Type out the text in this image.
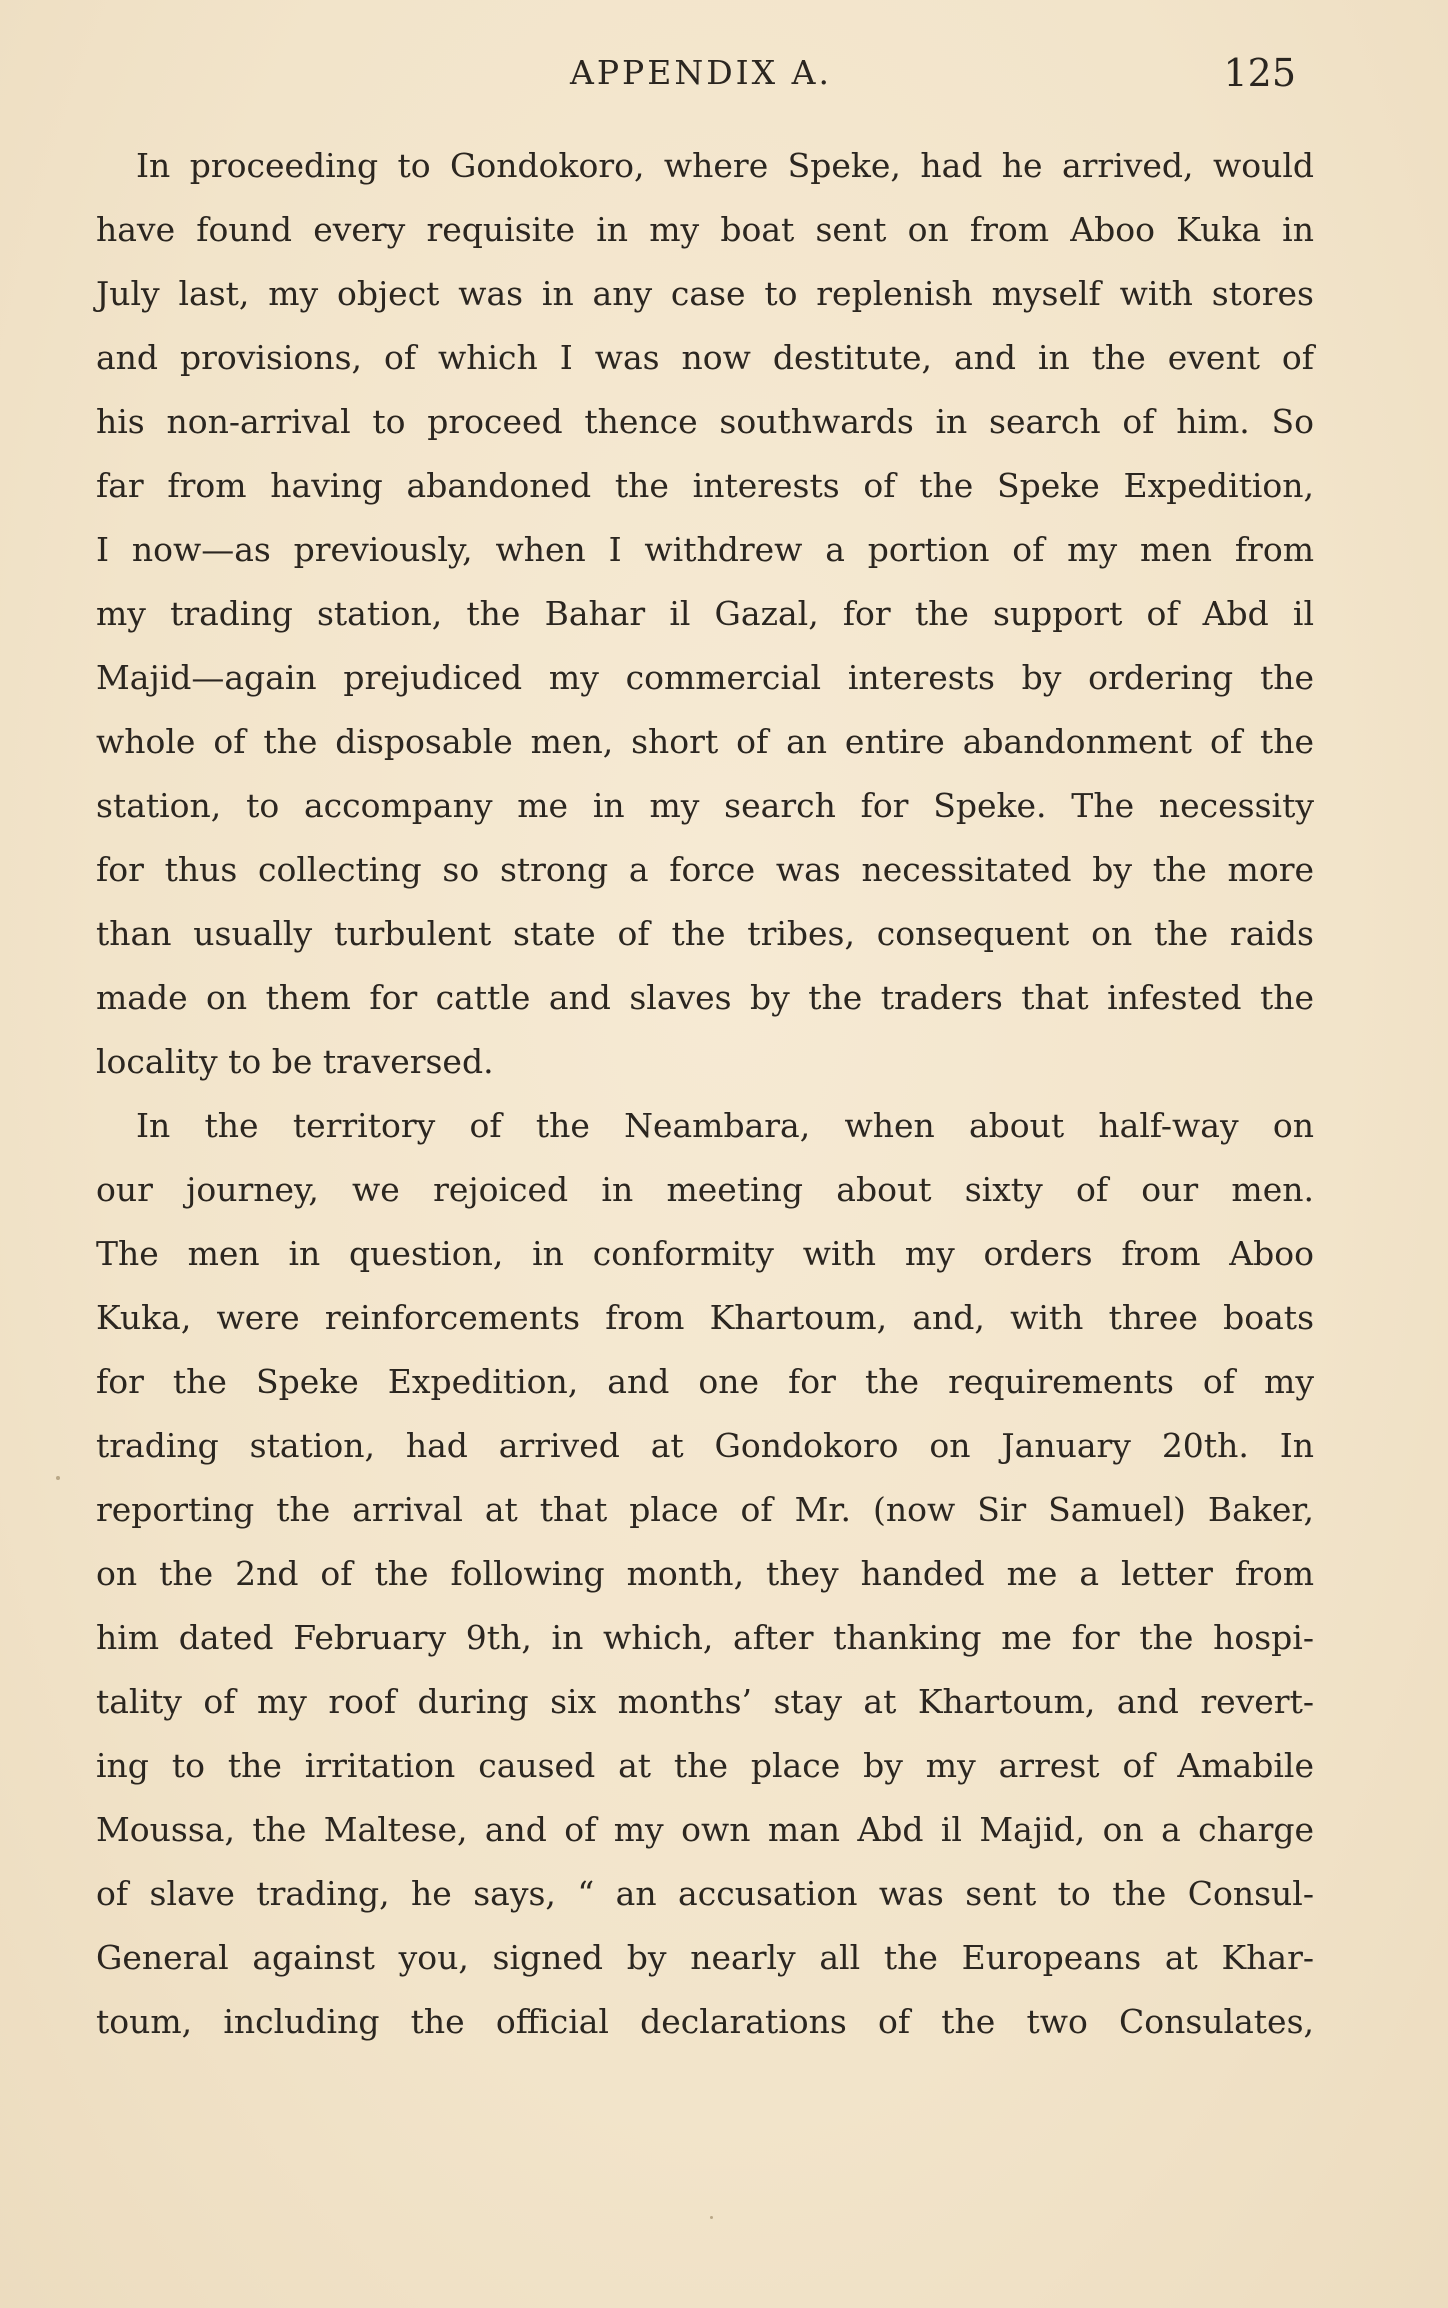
APPENDIX A.	125
In proceeding to Gondokoro, where Speke, had he arrived, would
have found every requisite in my boat sent on from Aboo Kuka in
July last, my object was in any case to replenish myself with stores
and provisions, of which I was now destitute, and in the event of
his non-arrival to proceed thence southwards in search of him. So
far from having abandoned the interests of the Speke Expedition,
I now—as previously, when I withdrew a portion of my men from
my trading station, the Bahar il Gazal, for the support of Abd il
Majid—again prejudiced my commercial interests by ordering the
whole of the disposable men, short of an entire abandonment of the
station, to accompany me in my search for Speke. The necessity
for thus collecting so strong a force was necessitated by the more
than usually turbulent state of the tribes, consequent on the raids
made on them for cattle and slaves by the traders that infested the
locality to be traversed.
In the territory of the Neambara, when about half-way on
our journey, we rejoiced in meeting about sixty of our men.
The men in question, in conformity with my orders from Aboo
Kuka, were reinforcements from Khartoum, and, with three boats
for the Speke Expedition, and one for the requirements of my
trading station, had arrived at Gondokoro on January 20th. In
reporting the arrival at that place of Mr. (now Sir Samuel) Baker,
on the 2nd of the following month, they handed me a letter from
him dated February 9th, in which, after thanking me for the hospi-
tality of my roof during six months’ stay at Khartoum, and revert-
ing to the irritation caused at the place by my arrest of Amabile
Moussa, the Maltese, and of my own man Abd il Majid, on a charge
of slave trading, he says, “ an accusation was sent to the Consul-
General against you, signed by nearly all the Europeans at Khar-
toum, including the official declarations of the two Consulates,
